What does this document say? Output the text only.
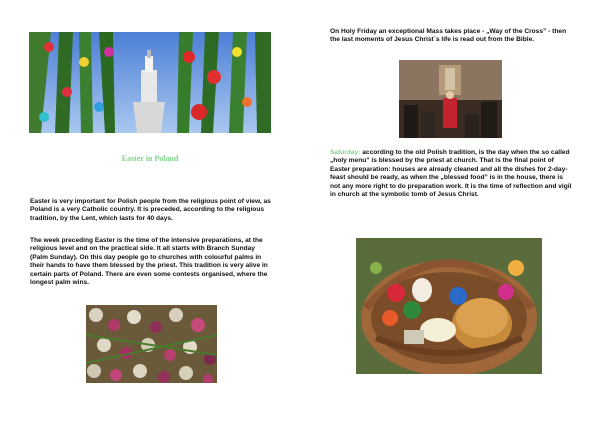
Easter in Poland

Easter is very important for Polish people from the religious point of view, as Poland is a very Catholic country. It is preceded, according to the religious tradition, by the Lent, which lasts for 40 days.

The week preceding Easter is the time of the intensive preparations, at the religious level and on the practical side. It all starts with Branch Sunday (Palm Sunday). On this day people go to churches with colourful palms in their hands to have them blessed by the priest. This tradition is very alive in certain parts of Poland. There are even some contests organised, where the longest palm wins.

On Holy Friday an exceptional Mass takes place - „Way of the Cross” - then the last moments of Jesus Christ´s life is read out from the Bible.

Saturday: according to the old Polish tradition, is the day when the so called „holy menu” is blessed by the priest at church. That is the final point of Easter preparation: houses are already cleaned and all the dishes for 2-day-feast should be ready, as when the „blessed food” is in the house, there is not any more right to do preparation work. It is the time of reflection and vigil in church at the symbolic tomb of Jesus Christ.
